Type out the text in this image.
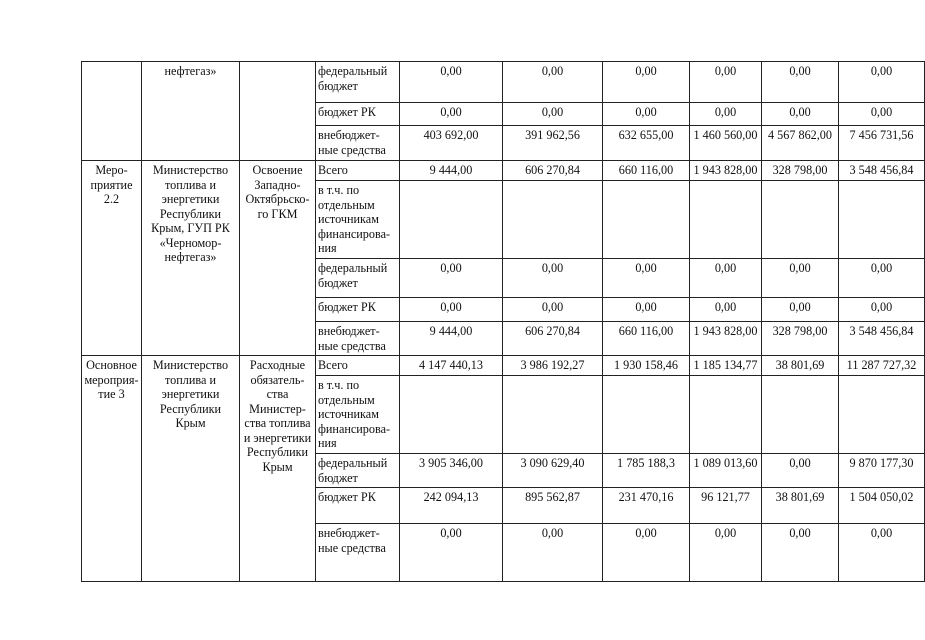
	нефтегаз»		федеральный бюджет	0,00	0,00	0,00	0,00	0,00	0,00
			бюджет РК	0,00	0,00	0,00	0,00	0,00	0,00
			внебюджет-ные средства	403 692,00	391 962,56	632 655,00	1 460 560,00	4 567 862,00	7 456 731,56
Меро-приятие 2.2	Министерство топлива и энергетики Республики Крым, ГУП РК «Черномор-нефтегаз»	Освоение Западно-Октябрьско-го ГКМ	Всего	9 444,00	606 270,84	660 116,00	1 943 828,00	328 798,00	3 548 456,84
			в т.ч. по отдельным источникам финансирова-ния						
			федеральный бюджет	0,00	0,00	0,00	0,00	0,00	0,00
			бюджет РК	0,00	0,00	0,00	0,00	0,00	0,00
			внебюджет-ные средства	9 444,00	606 270,84	660 116,00	1 943 828,00	328 798,00	3 548 456,84
Основное мероприя-тие 3	Министерство топлива и энергетики Республики Крым	Расходные обязатель-ства Министер-ства топлива и энергетики Республики Крым	Всего	4 147 440,13	3 986 192,27	1 930 158,46	1 185 134,77	38 801,69	11 287 727,32
			в т.ч. по отдельным источникам финансирова-ния						
			федеральный бюджет	3 905 346,00	3 090 629,40	1 785 188,3	1 089 013,60	0,00	9 870 177,30
			бюджет РК	242 094,13	895 562,87	231 470,16	96 121,77	38 801,69	1 504 050,02
			внебюджет-ные средства	0,00	0,00	0,00	0,00	0,00	0,00
